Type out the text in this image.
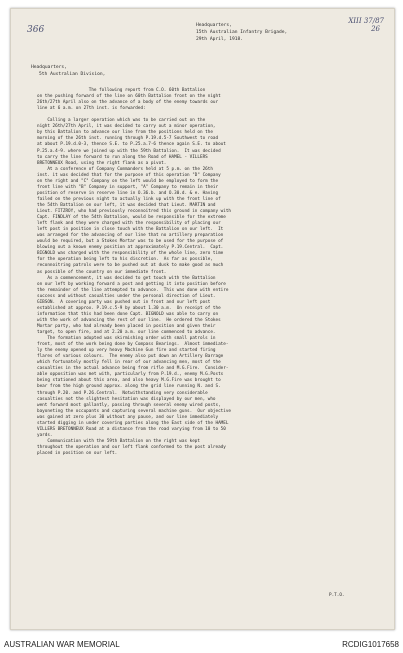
366
XIII 37/87
26
Headquarters,
15th Australian Infantry Brigade,
29th April, 1918.
Headquarters,
5th Australian Division,
The following report from C.O. 60th Battalion
on the pushing forward of the line on 60th Battalion front on the night
26th/27th April also on the advance of a body of the enemy towards our
line at 6 a.m. on 27th inst. is forwarded:
Calling a larger operation which was to be carried out on the
night 26th/27th April, it was decided to carry out a minor operation,
by this Battalion to advance our line from the positions held on the
morning of the 26th inst. running through P.19.d.5-7 Southwest to road
at about P.19.d.0-3, thence S.E. to P.25.a.7-6 thence again S.E. to about
P.25.a.4-9. where we joined up with the 59th Battalion.  It was decided
to carry the line forward to run along the Road of HAMEL - VILLERS
BRETONNEUX Road, using the right flank as a pivot.
At a conference of Company Commanders held at 5 p.m. on the 26th
inst. it was decided that for the purpose of this operation "D" Company
on the right and "C" Company on the left would be employed to form the
front line with "B" Company in support, "A" Company to remain in their
position of reserve in reserve line in O.36.b. and O.30.d. & e. Having
failed on the previous night to actually link up with the front line of
the 54th Battalion on our left, it was decided that Lieut. MARTIN and
Lieut. FITZROY, who had previously reconnoitred this ground in company with
Capt. FINDLAY of the 54th Battalion, would be responsible for the extreme
left flank and they were charged with the responsibility of placing our
left post in position in close touch with the Battalion on our left.  It
was arranged for the advancing of our line that no artillery preparation
would be required, but a Stokes Mortar was to be used for the purpose of
blowing out a known enemy position at approximately P.19.Central.  Capt.
BIGNOLD was charged with the responsibility of the whole line, zero time
for the operation being left to his discretion.  As far as possible,
reconnoitring patrols were to be pushed out at dusk to make good as much
as possible of the country on our immediate front.
As a commencement, it was decided to get touch with the Battalion
on our left by working forward a post and getting it into position before
the remainder of the line attempted to advance.  This was done with entire
success and without casualties under the personal direction of Lieut.
GIBSON.  A covering party was pushed out in front and our left post
established at approx. P.19.c.5-9 by about 1.30 a.m.  On receipt of the
information that this had been done Capt. BIGNOLD was able to carry on
with the work of advancing the rest of our line.  He ordered the Stokes
Mortar party, who had already been placed in position and given their
target, to open fire, and at 2.20 a.m. our line commenced to advance.
The formation adopted was skirmishing order with small patrols in
front, most of the work being done by Compass Bearings.  Almost immediate-
ly the enemy opened up very heavy Machine Gun fire and started firing
flares of various colours.  The enemy also put down an Artillery Barrage
which fortunately mostly fell in rear of our advancing men, most of the
casualties in the actual advance being from rifle and M.G.Fire.  Consider-
able opposition was met with, particularly from P.19.d., enemy M.G.Posts
being stationed about this area, and also heavy M.G.Fire was brought to
bear from the high ground approx. along the grid line running N. and S.
through P.20. and P.26.Central.  Notwithstanding very considerable
casualties not the slightest hesitation was displayed by our men, who
went forward most gallantly, passing through several enemy wired posts,
bayoneting the occupants and capturing several machine guns.  Our objective
was gained at zero plus 30 without any pause, and our line immediately
started digging in under covering parties along the East side of the HAMEL
VILLERS BRETONNEUX Road at a distance from the road varying from 10 to 50
yards.
Communication with the 59th Battalion on the right was kept
throughout the operation and our left flank conformed to the post already
placed in position on our left.
P.T.O.
AUSTRALIAN WAR MEMORIAL	RCDIG1017658
